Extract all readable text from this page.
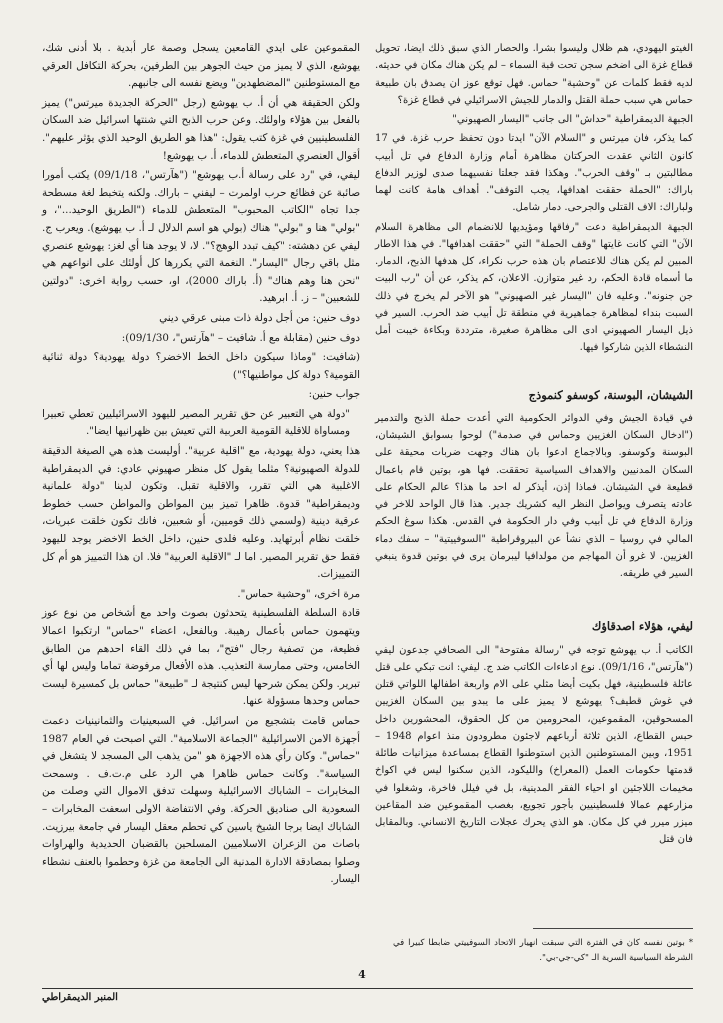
الغيتو اليهودي، هم ظلال وليسوا بشرا. والحصار الذي سبق ذلك ايضا، تحويل قطاع غزة الى اضخم سجن تحت قبة السماء – لم يكن هناك مكان في حديثه. لديه فقط كلمات عن "وحشية" حماس. فهل توقع عوز ان يصدق بان طبيعة حماس هي سبب حملة القتل والدمار للجيش الاسرائيلي في قطاع غزة؟

الجبهة الديمقراطية "حداش" الى جانب "اليسار الصهيوني"

كما يذكر، فان ميرتس و "السلام الآن" ايدتا دون تحفظ حرب غزة. في 17 كانون الثاني عقدت الحركتان مظاهرة أمام وزارة الدفاع في تل أبيب مطالبتين بـ "وقف الحرب". وهكذا فقد جعلتا نفسيهما صدى لوزير الدفاع باراك: "الحملة حققت اهدافها، يجب التوقف". أهداف هامة كانت لهما ولباراك: الاف القتلى والجرحى. دمار شامل.

الجبهة الديمقراطية دعت "رفاقها ومؤيديها للانضمام الى مظاهرة السلام الآن" التي كانت غايتها "وقف الحملة" التي "حققت اهدافها". في هذا الاطار المبين لم يكن هناك للاعتصام بان هذه حرب نكراء، كل هدفها الذبح، الدمار. ما أسماه قادة الحكم، رد غير متوازن. الاعلان، كم يذكر، عن أن "رب البيت جن جنونه". وعليه فان "اليسار غير الصهيوني" هو الآخر لم يخرج في ذلك السبت بنداء لمظاهرة جماهيرية في منطقة تل أبيب ضد الحرب. السير في ذيل اليسار الصهيوني ادى الى مظاهرة صغيرة، مترددة وبكاءة خيبت أمل النشطاء الذين شاركوا فيها.

الشيشان، البوسنة، كوسفو كنموذج

في قيادة الجيش وفي الدوائر الحكومية التي أعدت حملة الذبح والتدمير ("ادخال السكان الغزيين وحماس في صدمة") لوحوا بسوابق الشيشان، البوسنة وكوسفو. وبالاجماع ادعوا بان هناك وجهت ضربات محيقة على السكان المدنيين والاهداف السياسية تحققت. فها هو، بوتين قام باعمال قطيعة في الشيشان. فماذا إذن، أيذكر له احد ما هذا؟ عالم الحكام على عادته يتصرف ويواصل النظر اليه كشريك جدير. هذا قال الواحد للاخر في وزارة الدفاع في تل أبيب وفي دار الحكومة في القدس. هكذا سوغ الحكم المالي في روسيا – الذي نشأ عن البيروقراطية "السوفييتية" – سفك دماء الغزيين. لا غرو أن المهاجم من مولدافيا ليبرمان يرى في بوتين قدوة ينبغي السير في طريقه.

ليفي، هؤلاء اصدقاؤك

الكاتب أ. ب يهوشع توجه في "رسالة مفتوحة" الى الصحافي جدعون ليفي ("هآرتس"، 09/1/16). نوع ادعاءات الكاتب ضد ج. ليفي: انت تبكي على قتل عائلة فلسطينية، فهل بكيت أيضا مثلي على الام واربعة اطفالها اللواتي قتلن في غوش قطيف؟ يهوشع لا يميز على ما يبدو بين السكان الغزيين المسحوقين، المقموعين، المحرومين من كل الحقوق، المحشورين داخل حبس القطاع، الذين ثلاثة أرباعهم لاجئون مطرودون منذ اعوام 1948 – 1951، وبين المستوطنين الذين استوطنوا القطاع بمساعدة ميزانيات طائلة قدمتها حكومات العمل (المعراخ) والليكود، الذين سكنوا ليس في اكواخ مخيمات اللاجئين او احياء الفقر المدينية، بل في فيلل فاخرة، وشغلوا في مزارعهم عمالا فلسطينيين بأجور تجويع، بغصب المقموعين ضد المقاعين ميزر ميرر في كل مكان. هو الذي يحرك عجلات التاريخ الانساني. وبالمقابل فان قتل

المقموعين على ايدي القامعين يسجل وصمة عار أبدية . بلا أدنى شك، يهوشع، الذي لا يميز من حيث الجوهر بين الطرفين، بحركة التكافل العرقي مع المستوطنين "المضطهدين" ويضع نفسه الى جانبهم.

ولكن الحقيقة هي أن أ. ب يهوشع (رجل "الحركة الجديدة ميرتس") يميز بالفعل بين هؤلاء واولئك. وعن حرب الذبح التي شنتها اسرائيل ضد السكان الفلسطينيين في غزة كتب يقول: "هذا هو الطريق الوحيد الذي يؤثر عليهم". أقوال العنصري المتعطش للدماء، أ. ب يهوشع!

ليفي، في "رد على رسالة أ.ب يهوشع" ("هآرتس"، 09/1/18) يكتب أمورا صائبة عن فظائع حرب اولمرت – ليفني – باراك. ولكنه يتخبط لغة مسطحة جدا تجاه "الكاتب المحبوب" المتعطش للدماء ("الطريق الوحيد..."، و "بولي" هنا و "بولي" هناك (بولي هو اسم الدلال لـ أ. ب يهوشع). ويعرب ج. ليفي عن دهشته: "كيف تبدد الوهج؟". لا، لا يوجد هنا أي لغز: يهوشع عنصري مثل باقي رجال "اليسار". النغمة التي يكررها كل أولئك على انواعهم هي "نحن هنا وهم هناك" (أ. باراك 2000)، او، حسب رواية اخرى: "دولتين للشعبين" – ز. أ. ابرهيد.

دوف حنين: من أجل دولة ذات مبنى عرقي ديني

دوف حنين (مقابلة مع أ. شافيت – "هآرتس"، 09/1/30):

(شافيت: "وماذا سيكون داخل الخط الاخضر؟ دولة يهودية؟ دولة ثنائية القومية؟ دولة كل مواطنيها؟")

جواب حنين:

"دولة هي التعبير عن حق تقرير المصير لليهود الاسرائيليين تعطي تعبيرا ومساواة للاقلية القومية العربية التي تعيش بين ظهرانيها ايضا".

هذا يعني، دولة يهودية، مع "اقلية عربية". أوليست هذه هي الصيغة الدقيقة للدولة الصهيونية؟ مثلما يقول كل منظر صهيوني عادي: في الديمقراطية الاغلبية هي التي تقرر، والاقلية تقبل. وتكون لدينا "دولة علمانية وديمقراطية" قدوة. ظاهرا تميز بين المواطن والمواطن حسب خطوط عرقية دينية (ولسمي ذلك قوميين، أو شعبين، فانك تكون خلقت عبريات، خلقت نظام أبرتهايد. وعليه فلدى حنين، داخل الخط الاخضر يوجد لليهود فقط حق تقرير المصير. اما لـ "الاقلية العربية" فلا. ان هذا التمييز هو أم كل التمييزات.

مرة اخرى، "وحشية حماس".

قادة السلطة الفلسطينية يتحدثون بصوت واحد مع أشخاص من نوع عوز ويتهمون حماس بأعمال رهيبة. وبالفعل، اعضاء "حماس" ارتكبوا اعمالا فظيعة، من تصفية رجال "فتح"، بما في ذلك القاء احدهم من الطابق الخامس، وحتى ممارسة التعذيب. هذه الأفعال مرفوضة تماما وليس لها أي تبرير. ولكن يمكن شرحها ليس كنتيجة لـ "طبيعة" حماس بل كمسيرة ليست حماس وحدها مسؤولة عنها.

حماس قامت بتشجيع من اسرائيل. في السبعينيات والثمانينيات دعمت أجهزة الامن الاسرائيلية "الجماعة الاسلامية". التي اصبحت في العام 1987 "حماس". وكان رأي هذه الاجهزة هو "من يذهب الى المسجد لا يتشغل في السياسة". وكانت حماس ظاهرا هي الرد على م.ت.ف . وسمحت المخابرات – الشاباك الاسرائيلية وسهلت تدفق الاموال التي وصلت من السعودية الى صناديق الحركة. وفي الانتفاضة الاولى اسعفت المخابرات – الشاباك ايضا برجا الشيخ ياسين كي تحطم معقل اليسار في جامعة بيرزيت. باصات من الزعران الاسلاميين المسلحين بالقضبان الحديدية والهراوات وصلوا بمصادقة الادارة المدنية الى الجامعة من غزة وحطموا بالعنف نشطاء اليسار.

* بوتين نفسه كان في الفترة التي سبقت انهيار الاتحاد السوفييتي ضابطا كبيرا في الشرطة السياسية السرية الـ "كي-جي-بي".
4
المنبر الديمقراطي
